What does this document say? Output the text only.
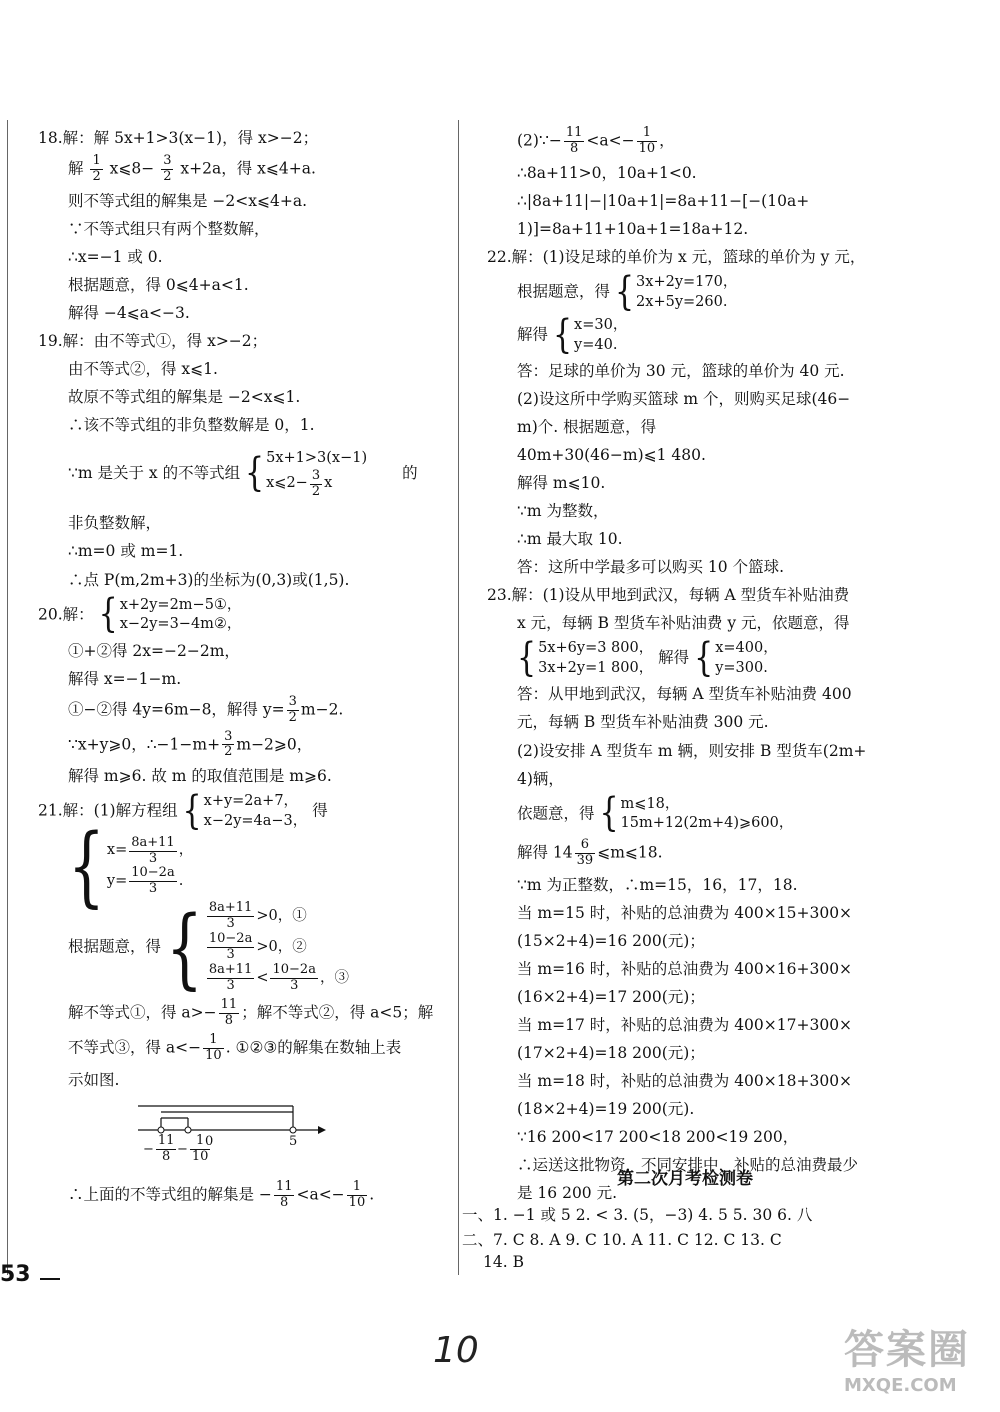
18.解：解 5x+1>3(x−1)，得 x>−2；
解 $\frac{1}{2}$ x⩽8− $\frac{3}{2} x+2a$，得 x⩽4+a.
则不等式组的解集是 −2<x⩽4+a.
∵不等式组只有两个整数解，
∴x=−1 或 0.
根据题意，得 0⩽4+a<1.
解得 −4⩽a<−3.
19.解：由不等式①，得 x>−2；
由不等式②，得 x⩽1.
故原不等式组的解集是 −2<x⩽1.
∴该不等式组的非负整数解是 0，1.
∵m 是关于 x 的不等式组 { 5x+1>3(x−1)
x⩽2− $\frac{3}{2}$ x
的
非负整数解，
∴m=0 或 m=1.
∴点 P(m,2m+3)的坐标为(0,3)或(1,5).
20.解： { x+2y=2m−5①，
x−2y=3−4m②，
①+②得 2x=−2−2m，
解得 x=−1−m.
①−②得 4y=6m−8，解得 $y= \frac{3}{2} m-2$.
∵x+y⩾0，∴−1−m+ $\frac{3}{2}$ m−2⩾0，
解得 m⩾6. 故 m 的取值范围是 m⩾6.
21.解：(1)解方程组 { x+y=2a+7，
x−2y=4a−3，
得
{ $x= \frac{8a+11}{3}$ ，
$y= \frac{10-2a}{3}$ .
根据题意，得 { $\frac{8a+11}{3} >0$，①
$\frac{10-2a}{3} >0$，②
$\frac{8a+11}{3} < \frac{10-2a}{3}$ ，③
解不等式①，得 $a>- \frac{11}{8}$ ；解不等式②，得 a<5；解
不等式③，得 $a<- \frac{1}{10}$ . ①②③的解集在数轴上表
示如图.
− $\frac{11}{8} - \frac{1}{10}$
0	5
∴上面的不等式组的解集是 − $\frac{11}{8} <a<- \frac{1}{10}$ .
(2)∵− $\frac{11}{8} <a<- \frac{1}{10}$ ，
∴8a+11>0，10a+1<0.
∴|8a+11|−|10a+1|=8a+11−[−(10a+
1)]=8a+11+10a+1=18a+12.
22.解：(1)设足球的单价为 x 元，篮球的单价为 y 元，
根据题意，得 { 3x+2y=170，
2x+5y=260.
解得 { x=30，
y=40.
答：足球的单价为 30 元，篮球的单价为 40 元.
(2)设这所中学购买篮球 m 个，则购买足球(46−
m)个. 根据题意，得
40m+30(46−m)⩽1 480.
解得 m⩽10.
∵m 为整数，
∴m 最大取 10.
答：这所中学最多可以购买 10 个篮球.
23.解：(1)设从甲地到武汉，每辆 A 型货车补贴油费
x 元，每辆 B 型货车补贴油费 y 元，依题意，得
{ 5x+6y=3 800，
3x+2y=1 800，
解得 { x=400，
y=300.
答：从甲地到武汉，每辆 A 型货车补贴油费 400
元，每辆 B 型货车补贴油费 300 元.
(2)设安排 A 型货车 m 辆，则安排 B 型货车(2m+
4)辆，
依题意，得 { m⩽18，
15m+12(2m+4)⩾600，
解得 $14 \frac{6}{39}$ ⩽m⩽18.
∵m 为正整数，∴m=15，16，17，18.
当 m=15 时，补贴的总油费为 400×15+300×
(15×2+4)=16 200(元)；
当 m=16 时，补贴的总油费为 400×16+300×
(16×2+4)=17 200(元)；
当 m=17 时，补贴的总油费为 400×17+300×
(17×2+4)=18 200(元)；
当 m=18 时，补贴的总油费为 400×18+300×
(18×2+4)=19 200(元).
∵16 200<17 200<18 200<19 200，
∴运送这批物资，不同安排中，补贴的总油费最少
是 16 200 元.
第二次月考检测卷
一、1. −1 或 5 2. < 3. (5，−3) 4. 5 5. 30 6. 八
二、7. C 8. A 9. C 10. A 11. C 12. C 13. C
14. B
53
10	答案圈
MXQE.COM
